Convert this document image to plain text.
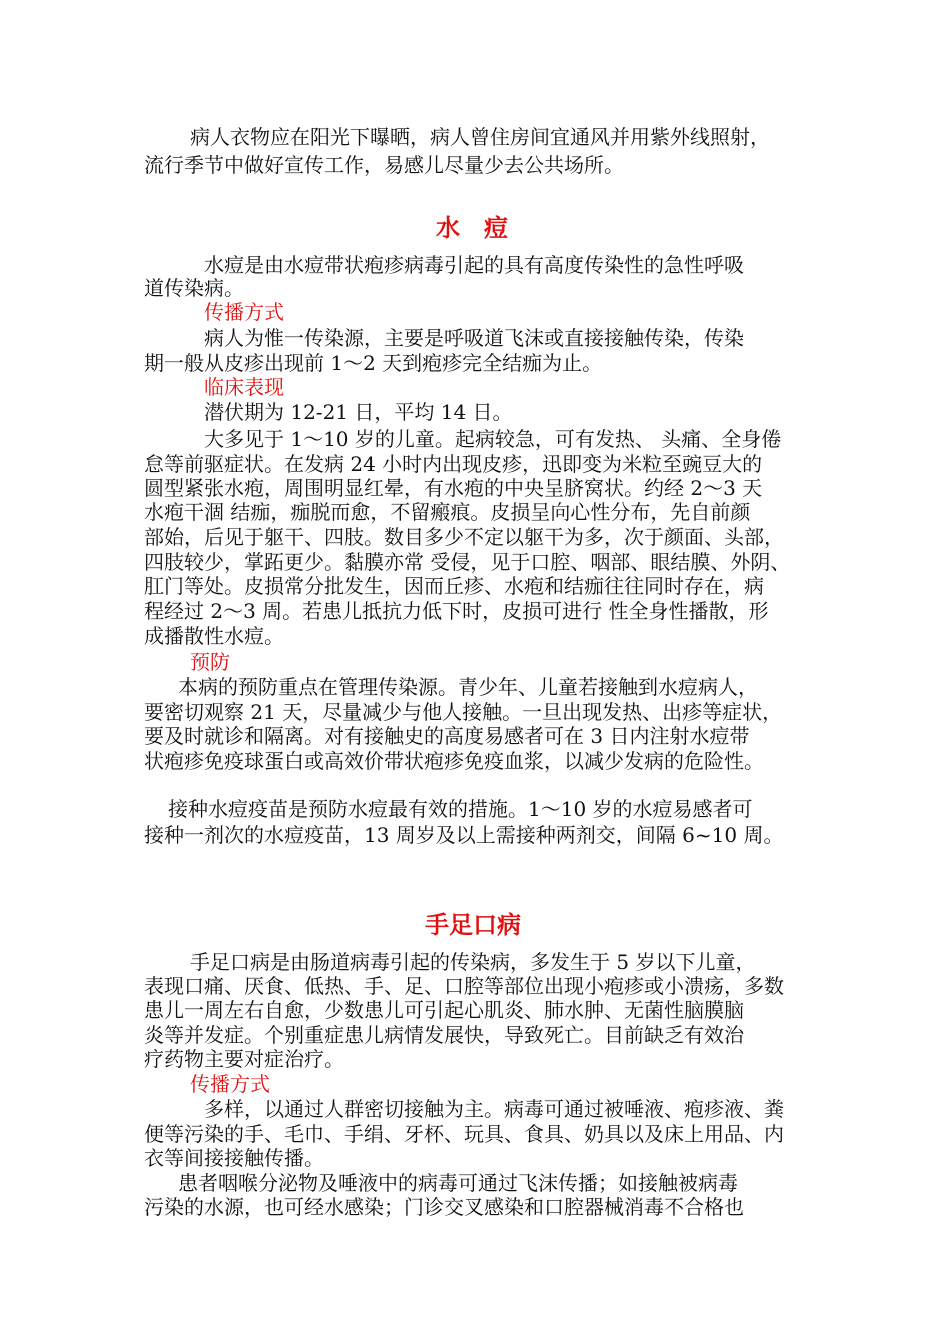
病人衣物应在阳光下曝晒，病人曾住房间宜通风并用紫外线照射，
流行季节中做好宣传工作，易感儿尽量少去公共场所。
水　痘
水痘是由水痘带状疱疹病毒引起的具有高度传染性的急性呼吸
道传染病。
传播方式
病人为惟一传染源，主要是呼吸道飞沫或直接接触传染，传染
期一般从皮疹出现前 1～2 天到疱疹完全结痂为止。
临床表现
潜伏期为 12-21 日，平均 14 日。
大多见于 1～10 岁的儿童。起病较急，可有发热、 头痛、全身倦
怠等前驱症状。在发病 24 小时内出现皮疹，迅即变为米粒至豌豆大的
圆型紧张水疱，周围明显红晕，有水疱的中央呈脐窝状。约经 2～3 天
水疱干涸 结痂，痂脱而愈，不留瘢痕。皮损呈向心性分布，先自前颜
部始，后见于躯干、四肢。数目多少不定以躯干为多，次于颜面、头部，
四肢较少，掌跖更少。黏膜亦常 受侵，见于口腔、咽部、眼结膜、外阴、
肛门等处。皮损常分批发生，因而丘疹、水疱和结痂往往同时存在，病
程经过 2～3 周。若患儿抵抗力低下时，皮损可进行 性全身性播散，形
成播散性水痘。
预防
本病的预防重点在管理传染源。青少年、儿童若接触到水痘病人，
要密切观察 21 天，尽量减少与他人接触。一旦出现发热、出疹等症状，
要及时就诊和隔离。对有接触史的高度易感者可在 3 日内注射水痘带
状疱疹免疫球蛋白或高效价带状疱疹免疫血浆，以减少发病的危险性。
接种水痘疫苗是预防水痘最有效的措施。1～10 岁的水痘易感者可
接种一剂次的水痘疫苗，13 周岁及以上需接种两剂交，间隔 6~10 周。
手足口病
手足口病是由肠道病毒引起的传染病，多发生于 5 岁以下儿童，
表现口痛、厌食、低热、手、足、口腔等部位出现小疱疹或小溃疡，多数
患儿一周左右自愈，少数患儿可引起心肌炎、肺水肿、无菌性脑膜脑
炎等并发症。个别重症患儿病情发展快，导致死亡。目前缺乏有效治
疗药物主要对症治疗。
传播方式
多样，以通过人群密切接触为主。病毒可通过被唾液、疱疹液、粪
便等污染的手、毛巾、手绢、牙杯、玩具、食具、奶具以及床上用品、内
衣等间接接触传播。
患者咽喉分泌物及唾液中的病毒可通过飞沫传播；如接触被病毒
污染的水源，也可经水感染；门诊交叉感染和口腔器械消毒不合格也
